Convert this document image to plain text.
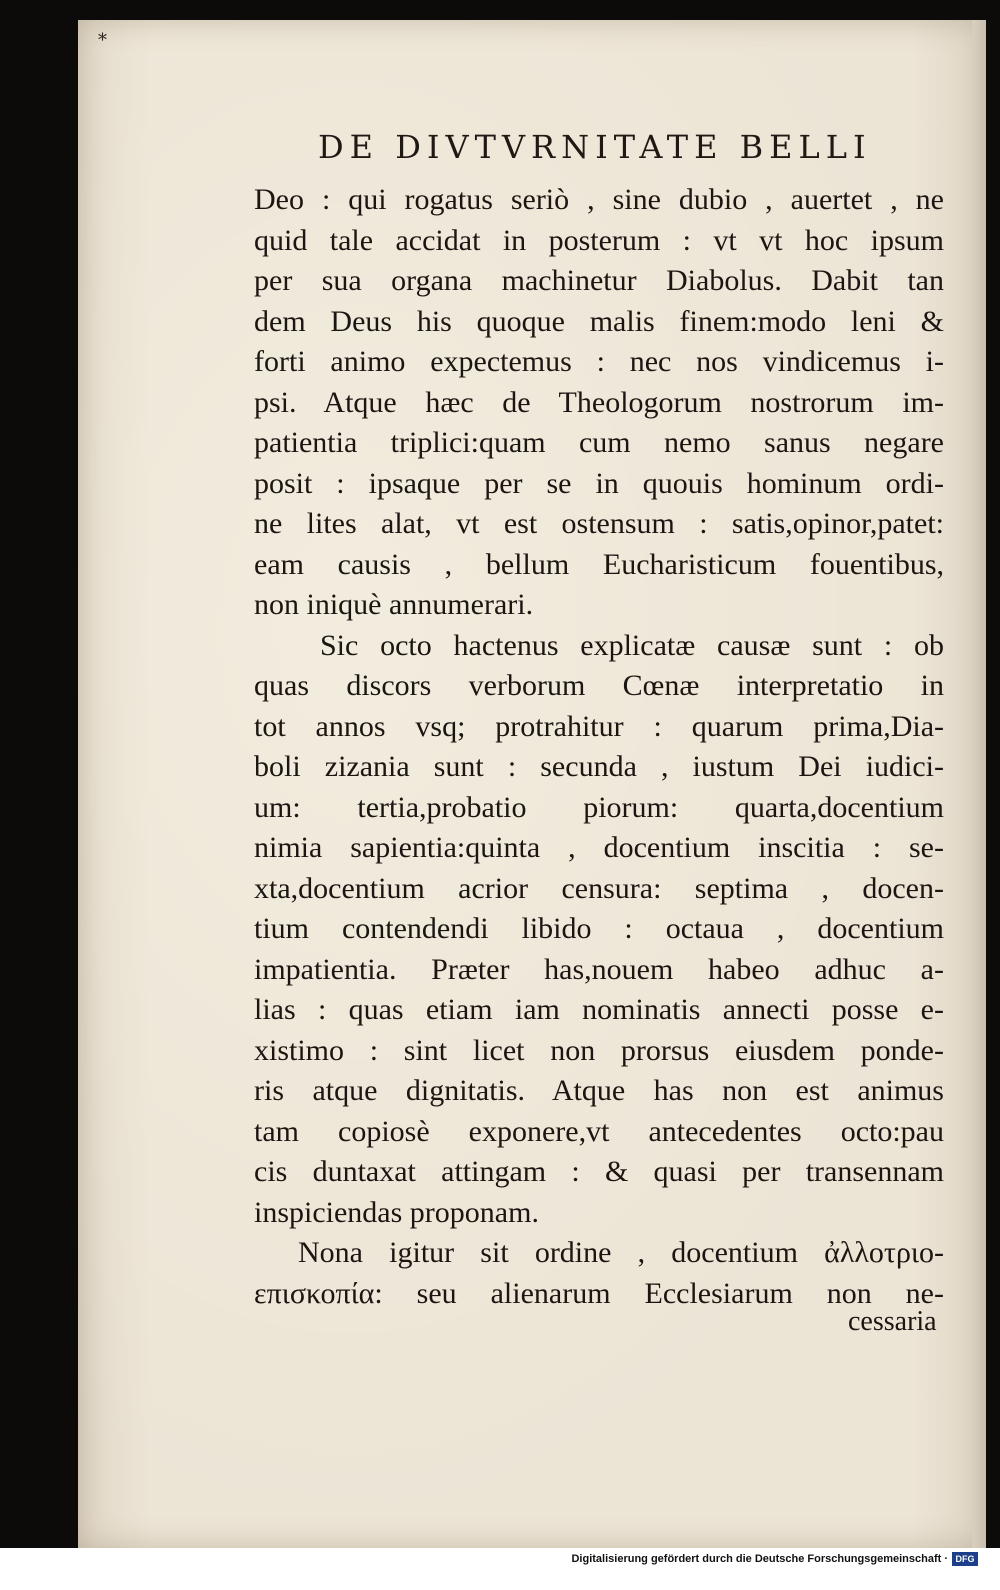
*
DE DIVTVRNITATE BELLI
Deo : qui rogatus seriò , sine dubio , auertet , ne
quid tale accidat in posterum : vt vt hoc ipsum
per sua organa machinetur Diabolus. Dabit tan
dem Deus his quoque malis finem:modo leni &
forti animo expectemus : nec nos vindicemus i-
psi. Atque hæc de Theologorum nostrorum im-
patientia triplici:quam cum nemo sanus negare
posit : ipsaque per se in quouis hominum ordi-
ne lites alat, vt est ostensum : satis,opinor,patet:
eam causis , bellum Eucharisticum fouentibus,
non iniquè annumerari.
Sic octo hactenus explicatæ causæ sunt : ob
quas discors verborum Cœnæ interpretatio in
tot annos vsq; protrahitur : quarum prima,Dia-
boli zizania sunt : secunda , iustum Dei iudici-
um: tertia,probatio piorum: quarta,docentium
nimia sapientia:quinta , docentium inscitia : se-
xta,docentium acrior censura: septima , docen-
tium contendendi libido : octaua , docentium
impatientia. Præter has,nouem habeo adhuc a-
lias : quas etiam iam nominatis annecti posse e-
xistimo : sint licet non prorsus eiusdem ponde-
ris atque dignitatis. Atque has non est animus
tam copiosè exponere,vt antecedentes octo:pau
cis duntaxat attingam : & quasi per transennam
inspiciendas proponam.
Nona igitur sit ordine , docentium ἀλλοτριο-
επισκοπία: seu alienarum Ecclesiarum non ne-
cessaria
Digitalisierung gefördert durch die Deutsche Forschungsgemeinschaft · DFG
